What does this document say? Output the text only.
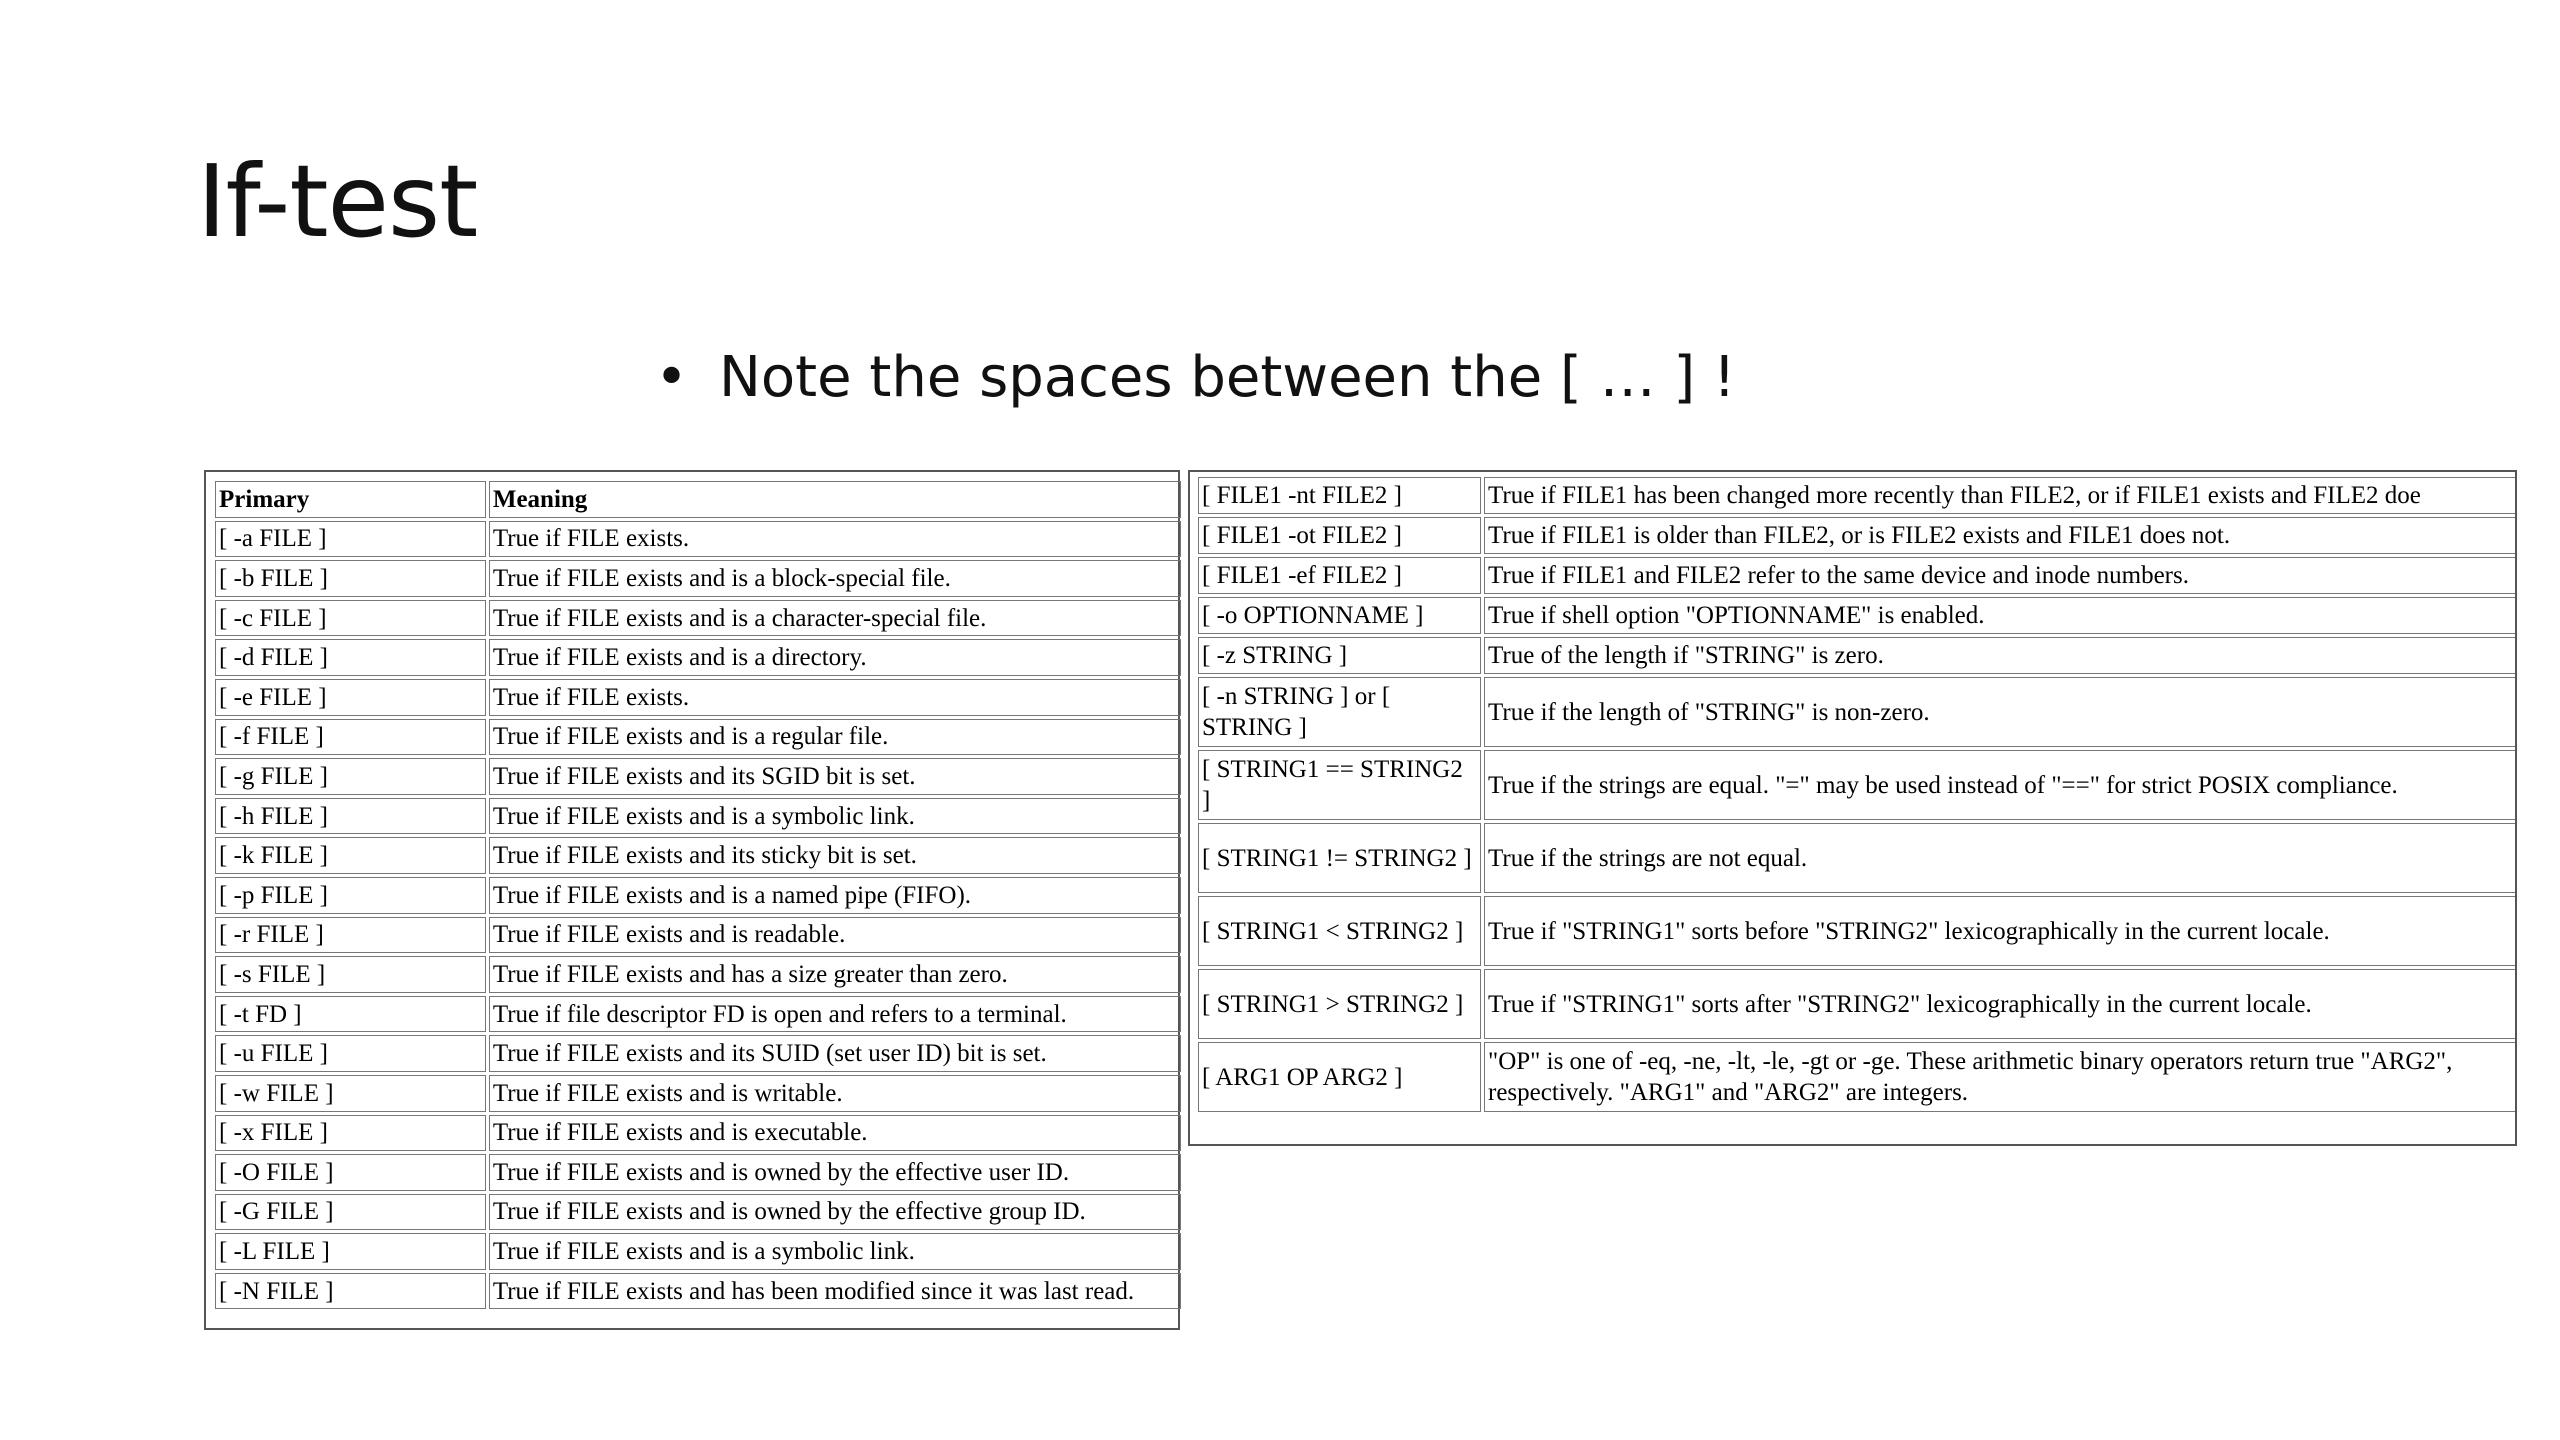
If-test
• Note the spaces between the [ … ] !
Primary	Meaning
[ -a FILE ]	True if FILE exists.
[ -b FILE ]	True if FILE exists and is a block-special file.
[ -c FILE ]	True if FILE exists and is a character-special file.
[ -d FILE ]	True if FILE exists and is a directory.
[ -e FILE ]	True if FILE exists.
[ -f FILE ]	True if FILE exists and is a regular file.
[ -g FILE ]	True if FILE exists and its SGID bit is set.
[ -h FILE ]	True if FILE exists and is a symbolic link.
[ -k FILE ]	True if FILE exists and its sticky bit is set.
[ -p FILE ]	True if FILE exists and is a named pipe (FIFO).
[ -r FILE ]	True if FILE exists and is readable.
[ -s FILE ]	True if FILE exists and has a size greater than zero.
[ -t FD ]	True if file descriptor FD is open and refers to a terminal.
[ -u FILE ]	True if FILE exists and its SUID (set user ID) bit is set.
[ -w FILE ]	True if FILE exists and is writable.
[ -x FILE ]	True if FILE exists and is executable.
[ -O FILE ]	True if FILE exists and is owned by the effective user ID.
[ -G FILE ]	True if FILE exists and is owned by the effective group ID.
[ -L FILE ]	True if FILE exists and is a symbolic link.
[ -N FILE ]	True if FILE exists and has been modified since it was last read.
[ FILE1 -nt FILE2 ]	True if FILE1 has been changed more recently than FILE2, or if FILE1 exists and FILE2 doe
[ FILE1 -ot FILE2 ]	True if FILE1 is older than FILE2, or is FILE2 exists and FILE1 does not.
[ FILE1 -ef FILE2 ]	True if FILE1 and FILE2 refer to the same device and inode numbers.
[ -o OPTIONNAME ]	True if shell option "OPTIONNAME" is enabled.
[ -z STRING ]	True of the length if "STRING" is zero.
[ -n STRING ] or [ STRING ]	True if the length of "STRING" is non-zero.
[ STRING1 == STRING2 ]	True if the strings are equal. "=" may be used instead of "==" for strict POSIX compliance.
[ STRING1 != STRING2 ]	True if the strings are not equal.
[ STRING1 < STRING2 ]	True if "STRING1" sorts before "STRING2" lexicographically in the current locale.
[ STRING1 > STRING2 ]	True if "STRING1" sorts after "STRING2" lexicographically in the current locale.
[ ARG1 OP ARG2 ]	"OP" is one of -eq, -ne, -lt, -le, -gt or -ge. These arithmetic binary operators return true "ARG2", respectively. "ARG1" and "ARG2" are integers.
